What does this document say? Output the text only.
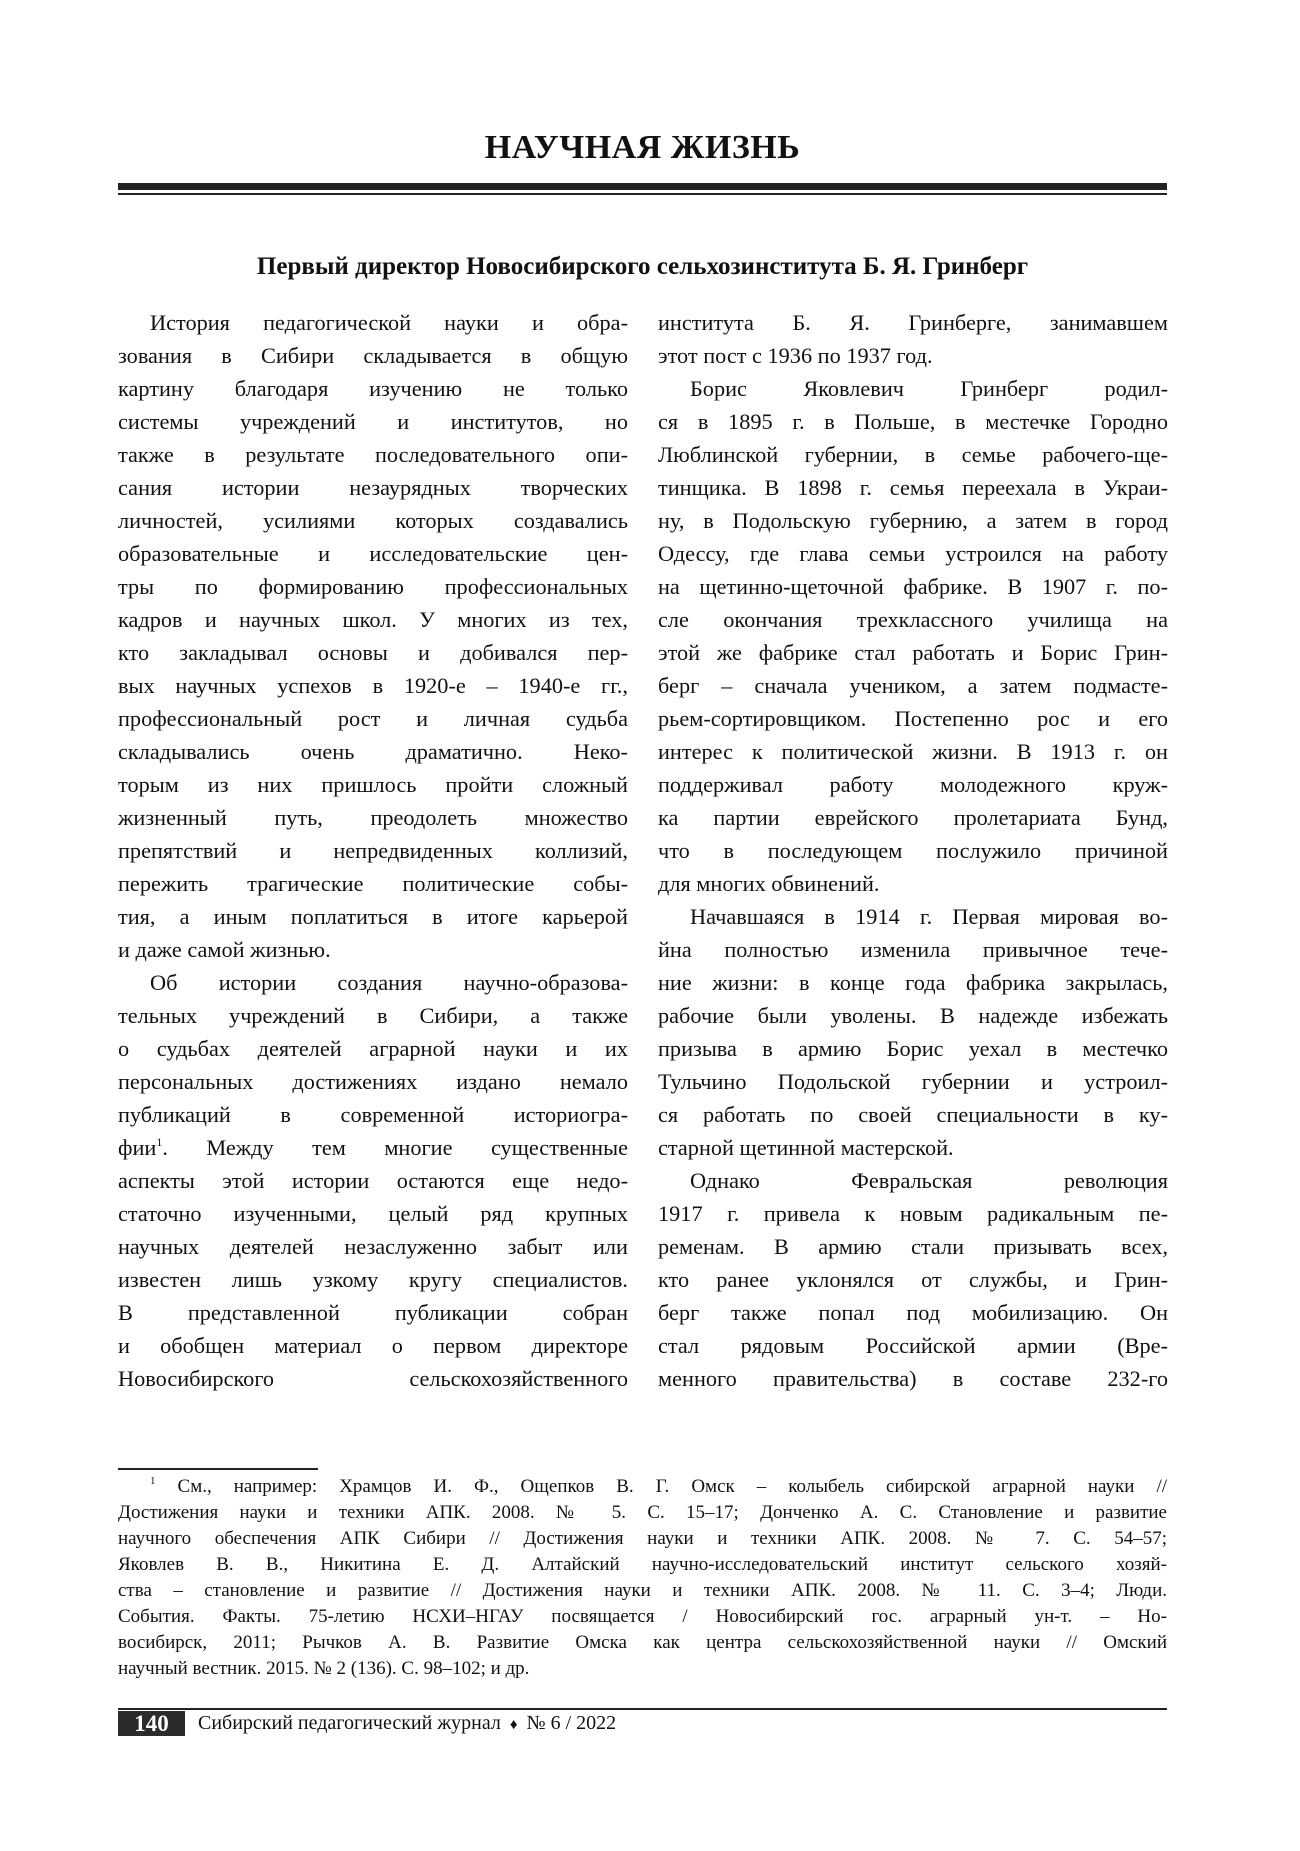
НАУЧНАЯ ЖИЗНЬ
Первый директор Новосибирского сельхозинститута Б. Я. Гринберг
История педагогической науки и обра-
зования в Сибири складывается в общую
картину благодаря изучению не только
системы учреждений и институтов, но
также в результате последовательного опи-
сания истории незаурядных творческих
личностей, усилиями которых создавались
образовательные и исследовательские цен-
тры по формированию профессиональных
кадров и научных школ. У многих из тех,
кто закладывал основы и добивался пер-
вых научных успехов в 1920-е – 1940-е гг.,
профессиональный рост и личная судьба
складывались очень драматично. Неко-
торым из них пришлось пройти сложный
жизненный путь, преодолеть множество
препятствий и непредвиденных коллизий,
пережить трагические политические собы-
тия, а иным поплатиться в итоге карьерой
и даже самой жизнью.
Об истории создания научно-образова-
тельных учреждений в Сибири, а также
о судьбах деятелей аграрной науки и их
персональных достижениях издано немало
публикаций в современной историогра-
фии$^1$. Между тем многие существенные
аспекты этой истории остаются еще недо-
статочно изученными, целый ряд крупных
научных деятелей незаслуженно забыт или
известен лишь узкому кругу специалистов.
В представленной публикации собран
и обобщен материал о первом директоре
Новосибирского сельскохозяйственного
института Б. Я. Гринберге, занимавшем
этот пост с 1936 по 1937 год.
Борис Яковлевич Гринберг родил-
ся в 1895 г. в Польше, в местечке Городно
Люблинской губернии, в семье рабочего-ще-
тинщика. В 1898 г. семья переехала в Украи-
ну, в Подольскую губернию, а затем в город
Одессу, где глава семьи устроился на работу
на щетинно-щеточной фабрике. В 1907 г. по-
сле окончания трехклассного училища на
этой же фабрике стал работать и Борис Грин-
берг – сначала учеником, а затем подмасте-
рьем-сортировщиком. Постепенно рос и его
интерес к политической жизни. В 1913 г. он
поддерживал работу молодежного круж-
ка партии еврейского пролетариата Бунд,
что в последующем послужило причиной
для многих обвинений.
Начавшаяся в 1914 г. Первая мировая во-
йна полностью изменила привычное тече-
ние жизни: в конце года фабрика закрылась,
рабочие были уволены. В надежде избежать
призыва в армию Борис уехал в местечко
Тульчино Подольской губернии и устроил-
ся работать по своей специальности в ку-
старной щетинной мастерской.
Однако Февральская революция
1917 г. привела к новым радикальным пе-
ременам. В армию стали призывать всех,
кто ранее уклонялся от службы, и Грин-
берг также попал под мобилизацию. Он
стал рядовым Российской армии (Вре-
менного правительства) в составе 232-го
$^1$ См., например: Храмцов И. Ф., Ощепков В. Г. Омск – колыбель сибирской аграрной науки //
Достижения науки и техники АПК. 2008. № 5. С. 15–17; Донченко А. С. Становление и развитие
научного обеспечения АПК Сибири // Достижения науки и техники АПК. 2008. № 7. С. 54–57;
Яковлев В. В., Никитина Е. Д. Алтайский научно-исследовательский институт сельского хозяй-
ства – становление и развитие // Достижения науки и техники АПК. 2008. № 11. С. 3–4; Люди.
События. Факты. 75-летию НСХИ–НГАУ посвящается / Новосибирский гос. аграрный ун-т. – Но-
восибирск, 2011; Рычков А. В. Развитие Омска как центра сельскохозяйственной науки // Омский
научный вестник. 2015. № 2 (136). С. 98–102; и др.
140	Сибирский педагогический журнал ♦ № 6 / 2022
